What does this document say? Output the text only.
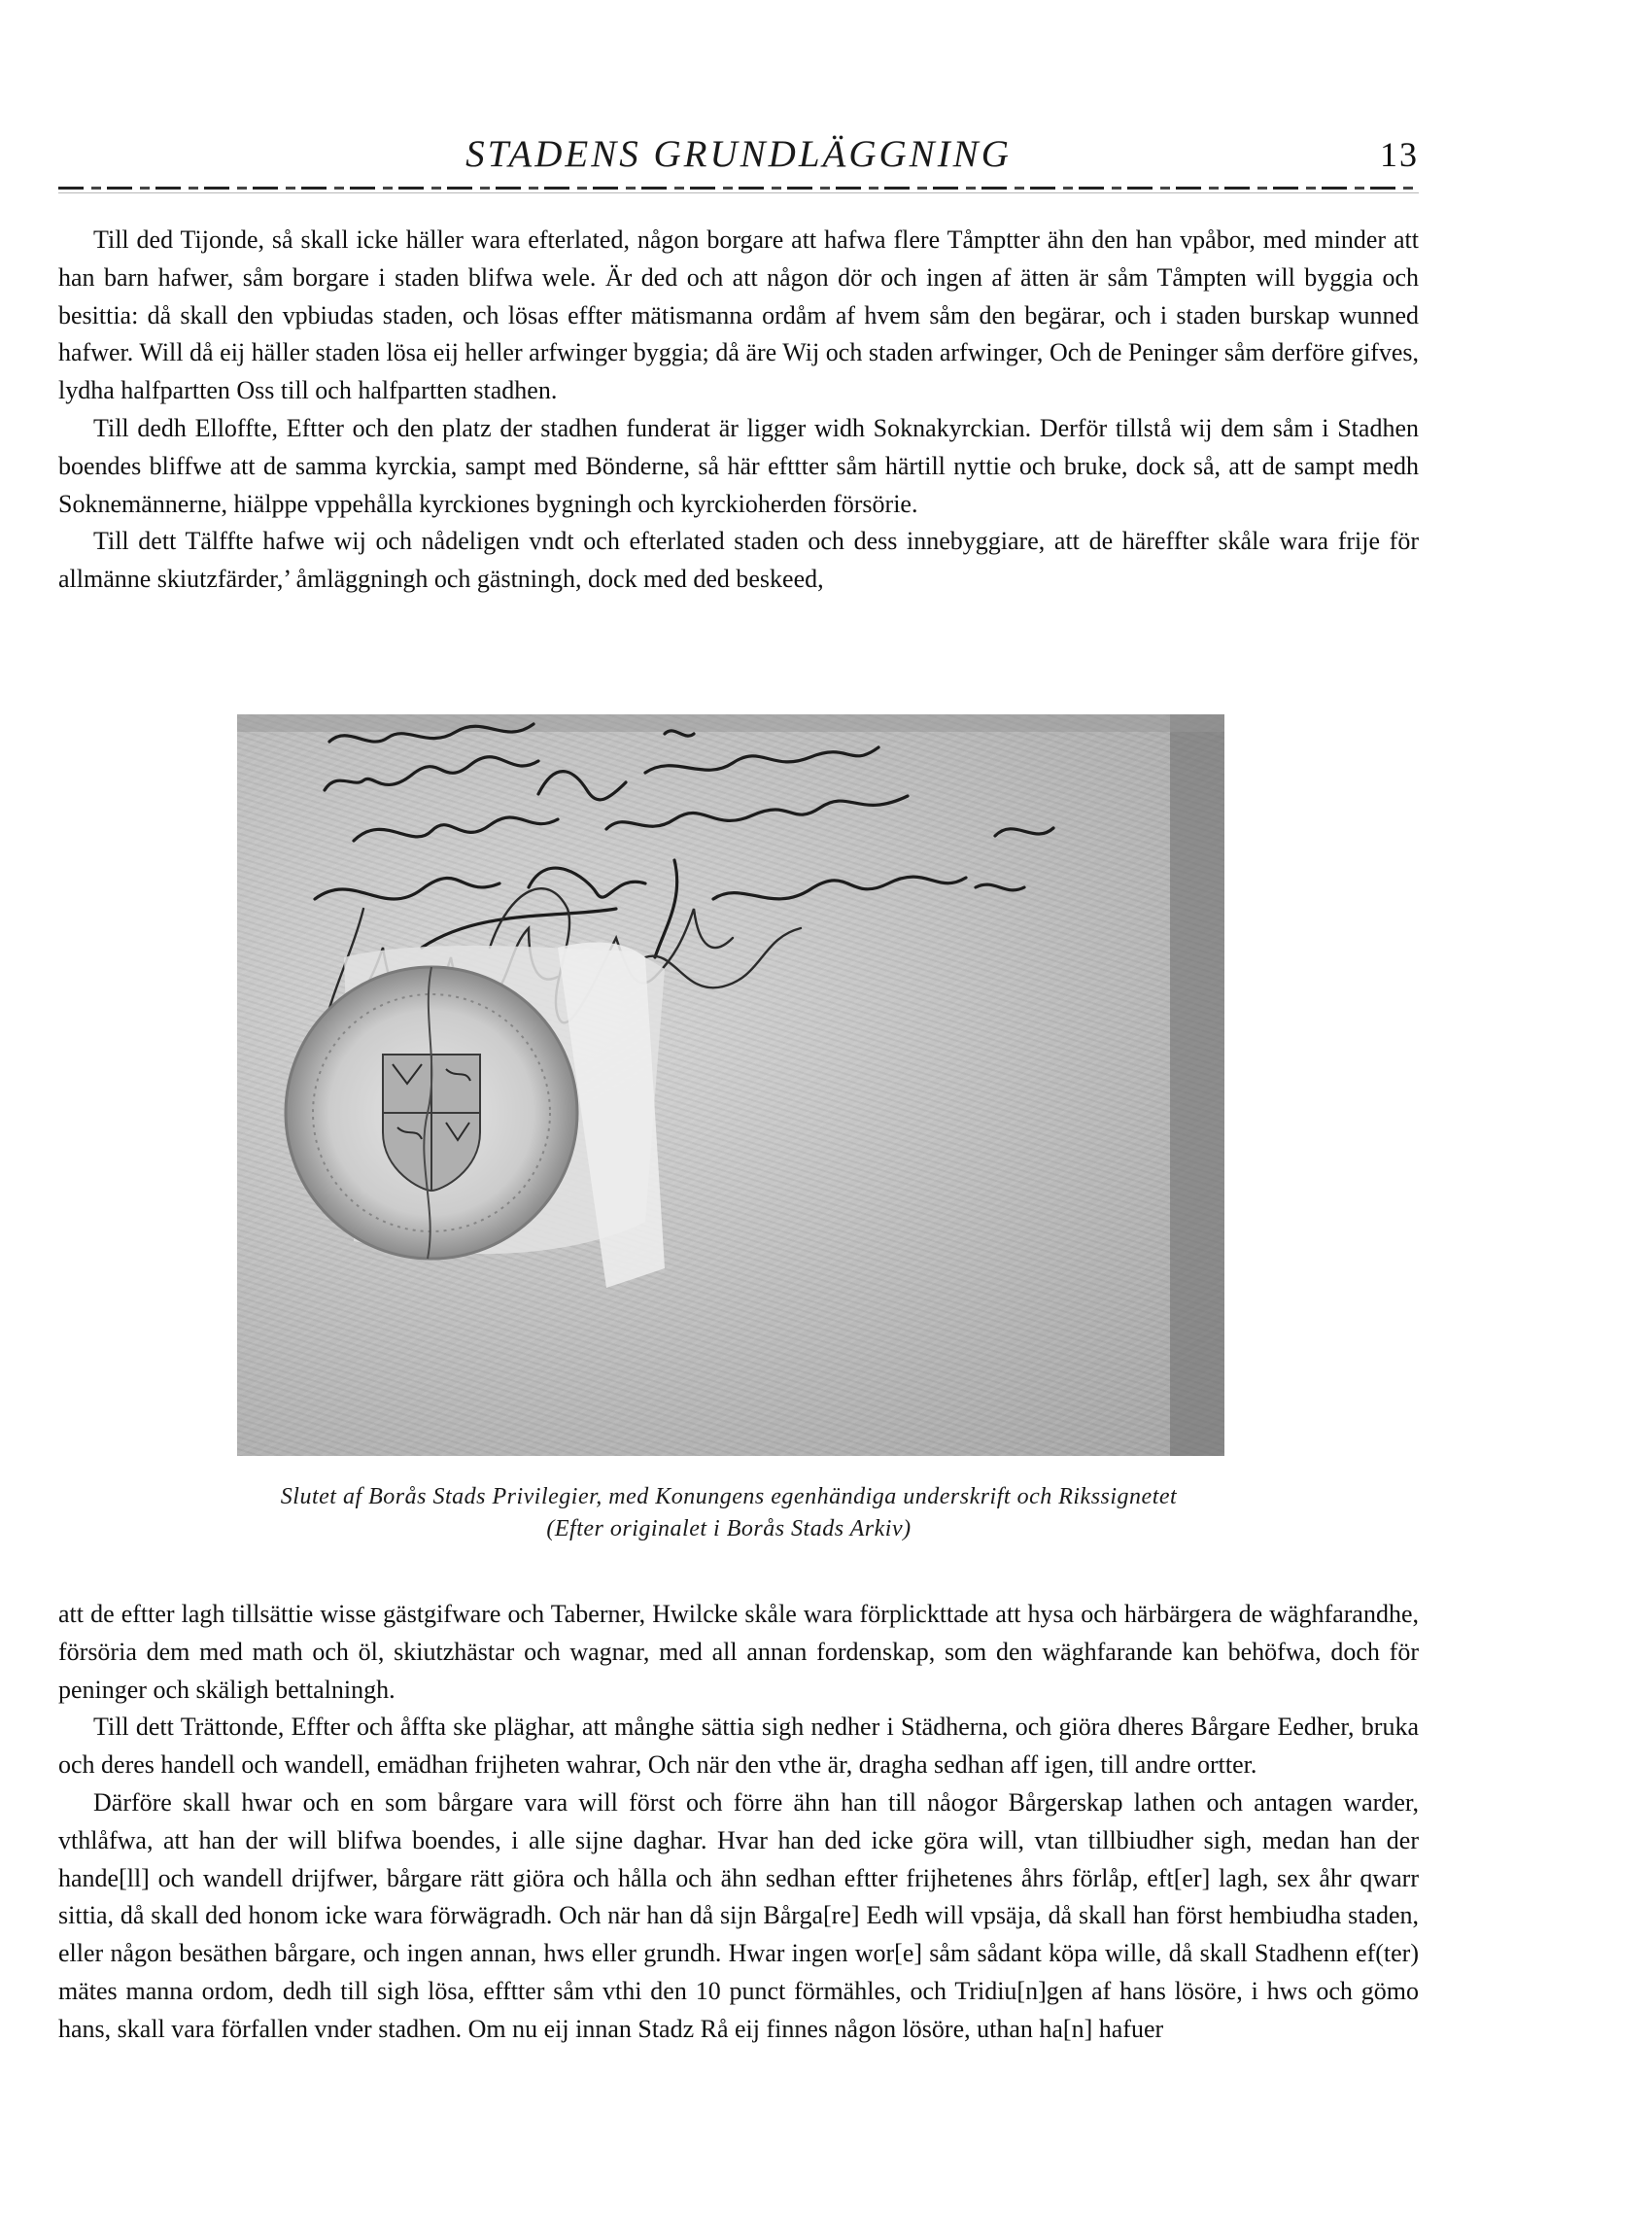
STADENS GRUNDLÄGGNING	13

Till ded Tijonde, så skall icke häller wara efterlated, någon borgare att hafwa flere Tåmptter ähn den han vpåbor, med minder att han barn hafwer, såm borgare i staden blifwa wele. Är ded och att någon dör och ingen af ätten är såm Tåmpten will byggia och besittia: då skall den vpbiudas staden, och lösas effter mätismanna ordåm af hvem såm den begärar, och i staden burskap wunned hafwer. Will då eij häller staden lösa eij heller arfwinger byggia; då äre Wij och staden arfwinger, Och de Peninger såm derföre gifves, lydha halfpartten Oss till och halfpartten stadhen.

Till dedh Elloffte, Eftter och den platz der stadhen funderat är ligger widh Soknakyrckian. Derför tillstå wij dem såm i Stadhen boendes bliffwe att de samma kyrckia, sampt med Bönderne, så här efttter såm härtill nyttie och bruke, dock så, att de sampt medh Soknemännerne, hiälppe vppehålla kyrckiones bygningh och kyrckioherden försörie.

Till dett Tälffte hafwe wij och nådeligen vndt och efterlated staden och dess innebyggiare, att de häreffter skåle wara frije för allmänne skiutzfärder,’ åmläggningh och gästningh, dock med ded beskeed,

Slutet af Borås Stads Privilegier, med Konungens egenhändiga underskrift och Rikssignetet
(Efter originalet i Borås Stads Arkiv)

att de eftter lagh tillsättie wisse gästgifware och Taberner, Hwilcke skåle wara förplickttade att hysa och härbärgera de wäghfarandhe, försöria dem med math och öl, skiutzhästar och wagnar, med all annan fordenskap, som den wäghfarande kan behöfwa, doch för peninger och skäligh bettalningh.

Till dett Trättonde, Effter och åffta ske pläghar, att månghe sättia sigh nedher i Städherna, och giöra dheres Bårgare Eedher, bruka och deres handell och wandell, emädhan frijheten wahrar, Och när den vthe är, dragha sedhan aff igen, till andre ortter.

Därföre skall hwar och en som bårgare vara will först och förre ähn han till nåogor Bårgerskap lathen och antagen warder, vthlåfwa, att han der will blifwa boendes, i alle sijne daghar. Hvar han ded icke göra will, vtan tillbiudher sigh, medan han der hande[ll] och wandell drijfwer, bårgare rätt giöra och hålla och ähn sedhan eftter frijhetenes åhrs förlåp, eft[er] lagh, sex åhr qwarr sittia, då skall ded honom icke wara förwägradh. Och när han då sijn Bårga[re] Eedh will vpsäja, då skall han först hembiudha staden, eller någon besäthen bårgare, och ingen annan, hws eller grundh. Hwar ingen wor[e] såm sådant köpa wille, då skall Stadhenn ef(ter) mätes manna ordom, dedh till sigh lösa, efftter såm vthi den 10 punct förmähles, och Tridiu[n]gen af hans lösöre, i hws och gömo hans, skall vara förfallen vnder stadhen. Om nu eij innan Stadz Rå eij finnes någon lösöre, uthan ha[n] hafuer
